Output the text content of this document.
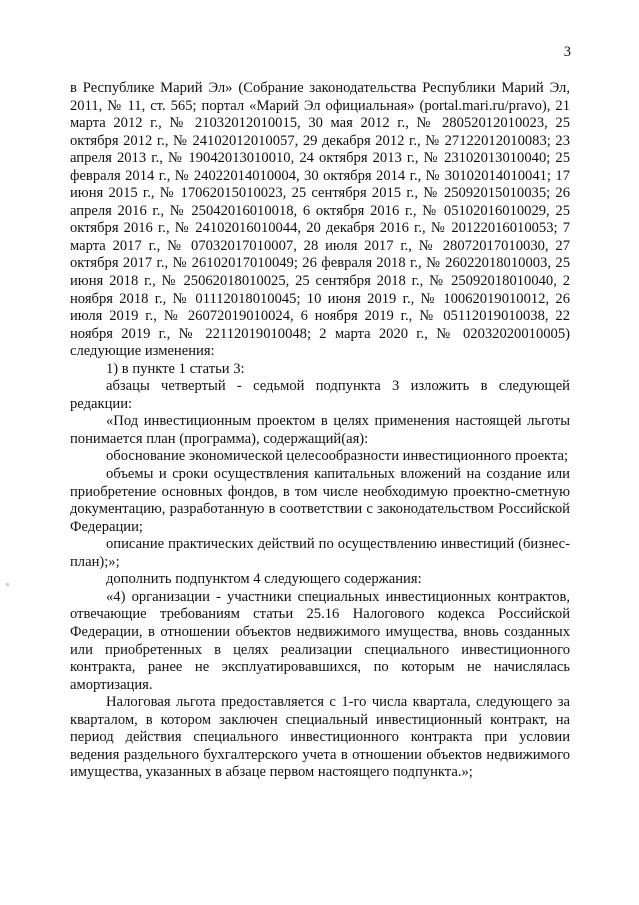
3

в Республике Марий Эл» (Собрание законодательства Республики Марий Эл, 2011, № 11, ст. 565; портал «Марий Эл официальная» (portal.mari.ru/pravo), 21 марта 2012 г., № 21032012010015, 30 мая 2012 г., № 28052012010023, 25 октября 2012 г., № 24102012010057, 29 декабря 2012 г., № 27122012010083; 23 апреля 2013 г., № 19042013010010, 24 октября 2013 г., № 23102013010040; 25 февраля 2014 г., № 24022014010004, 30 октября 2014 г., № 30102014010041; 17 июня 2015 г., № 17062015010023, 25 сентября 2015 г., № 25092015010035; 26 апреля 2016 г., № 25042016010018, 6 октября 2016 г., № 05102016010029, 25 октября 2016 г., № 24102016010044, 20 декабря 2016 г., № 20122016010053; 7 марта 2017 г., № 07032017010007, 28 июля 2017 г., № 28072017010030, 27 октября 2017 г., № 26102017010049; 26 февраля 2018 г., № 26022018010003, 25 июня 2018 г., № 25062018010025, 25 сентября 2018 г., № 25092018010040, 2 ноября 2018 г., № 01112018010045; 10 июня 2019 г., № 10062019010012, 26 июля 2019 г., № 26072019010024, 6 ноября 2019 г., № 05112019010038, 22 ноября 2019 г., № 22112019010048; 2 марта 2020 г., № 02032020010005) следующие изменения:

1) в пункте 1 статьи 3:

абзацы четвертый - седьмой подпункта 3 изложить в следующей редакции:

«Под инвестиционным проектом в целях применения настоящей льготы понимается план (программа), содержащий(ая):

обоснование экономической целесообразности инвестиционного проекта;

объемы и сроки осуществления капитальных вложений на создание или приобретение основных фондов, в том числе необходимую проектно-сметную документацию, разработанную в соответствии с законодательством Российской Федерации;

описание практических действий по осуществлению инвестиций (бизнес-план);»;

дополнить подпунктом 4 следующего содержания:

«4) организации - участники специальных инвестиционных контрактов, отвечающие требованиям статьи 25.16 Налогового кодекса Российской Федерации, в отношении объектов недвижимого имущества, вновь созданных или приобретенных в целях реализации специального инвестиционного контракта, ранее не эксплуатировавшихся, по которым не начислялась амортизация.

Налоговая льгота предоставляется с 1-го числа квартала, следующего за кварталом, в котором заключен специальный инвестиционный контракт, на период действия специального инвестиционного контракта при условии ведения раздельного бухгалтерского учета в отношении объектов недвижимого имущества, указанных в абзаце первом настоящего подпункта.»;
